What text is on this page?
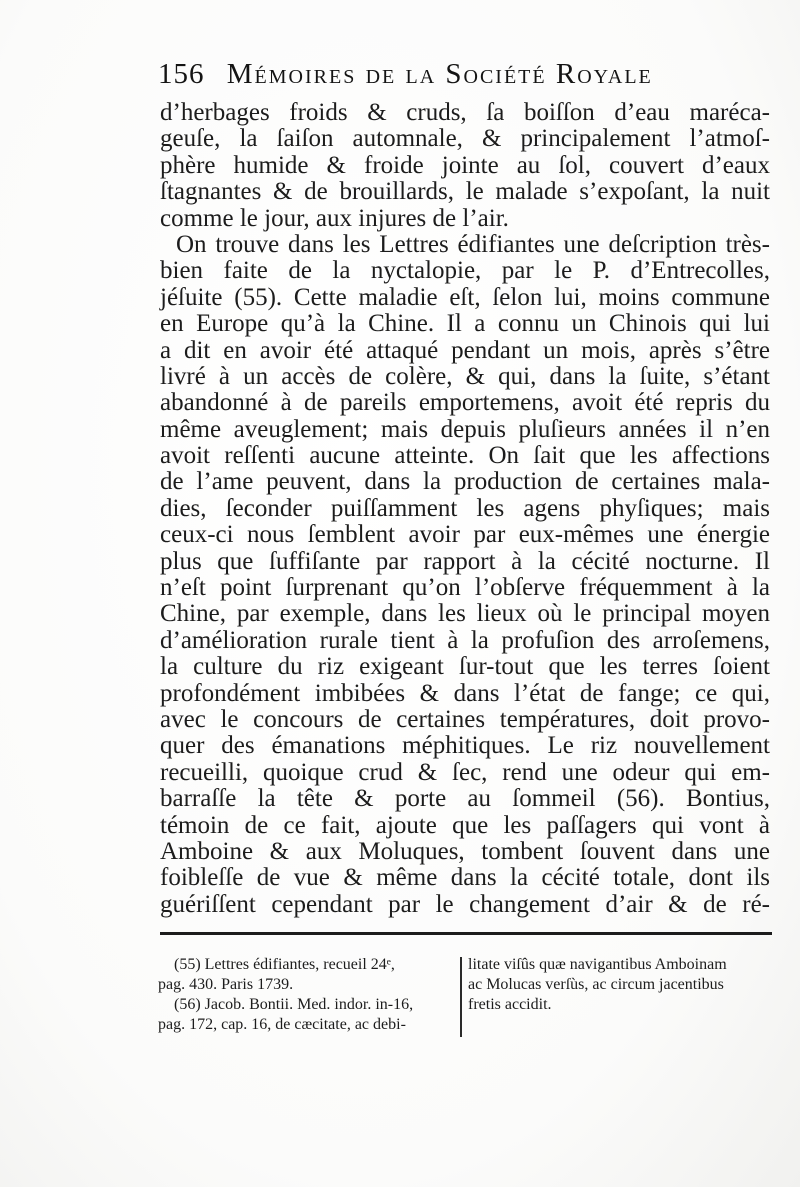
156 Mémoires de la Société Royale
d’herbages froids & cruds, ſa boiſſon d’eau maréca-
geuſe, la ſaiſon automnale, & principalement l’atmoſ-
phère humide & froide jointe au ſol, couvert d’eaux
ſtagnantes & de brouillards, le malade s’expoſant, la nuit
comme le jour, aux injures de l’air.
On trouve dans les Lettres édifiantes une deſcription très-
bien faite de la nyctalopie, par le P. d’Entrecolles,
jéſuite (55). Cette maladie eſt, ſelon lui, moins commune
en Europe qu’à la Chine. Il a connu un Chinois qui lui
a dit en avoir été attaqué pendant un mois, après s’être
livré à un accès de colère, & qui, dans la ſuite, s’étant
abandonné à de pareils emportemens, avoit été repris du
même aveuglement; mais depuis pluſieurs années il n’en
avoit reſſenti aucune atteinte. On ſait que les affections
de l’ame peuvent, dans la production de certaines mala-
dies, ſeconder puiſſamment les agens phyſiques; mais
ceux-ci nous ſemblent avoir par eux-mêmes une énergie
plus que ſuffiſante par rapport à la cécité nocturne. Il
n’eſt point ſurprenant qu’on l’obſerve fréquemment à la
Chine, par exemple, dans les lieux où le principal moyen
d’amélioration rurale tient à la profuſion des arroſemens,
la culture du riz exigeant ſur-tout que les terres ſoient
profondément imbibées & dans l’état de fange; ce qui,
avec le concours de certaines températures, doit provo-
quer des émanations méphitiques. Le riz nouvellement
recueilli, quoique crud & ſec, rend une odeur qui em-
barraſſe la tête & porte au ſommeil (56). Bontius,
témoin de ce fait, ajoute que les paſſagers qui vont à
Amboine & aux Moluques, tombent ſouvent dans une
foibleſſe de vue & même dans la cécité totale, dont ils
guériſſent cependant par le changement d’air & de ré-
(55) Lettres édifiantes, recueil 24ᵉ,
pag. 430. Paris 1739.
(56) Jacob. Bontii. Med. indor. in-16,
pag. 172, cap. 16, de cæcitate, ac debi-
litate viſûs quæ navigantibus Amboinam
ac Molucas verſùs, ac circum jacentibus
fretis accidit.
